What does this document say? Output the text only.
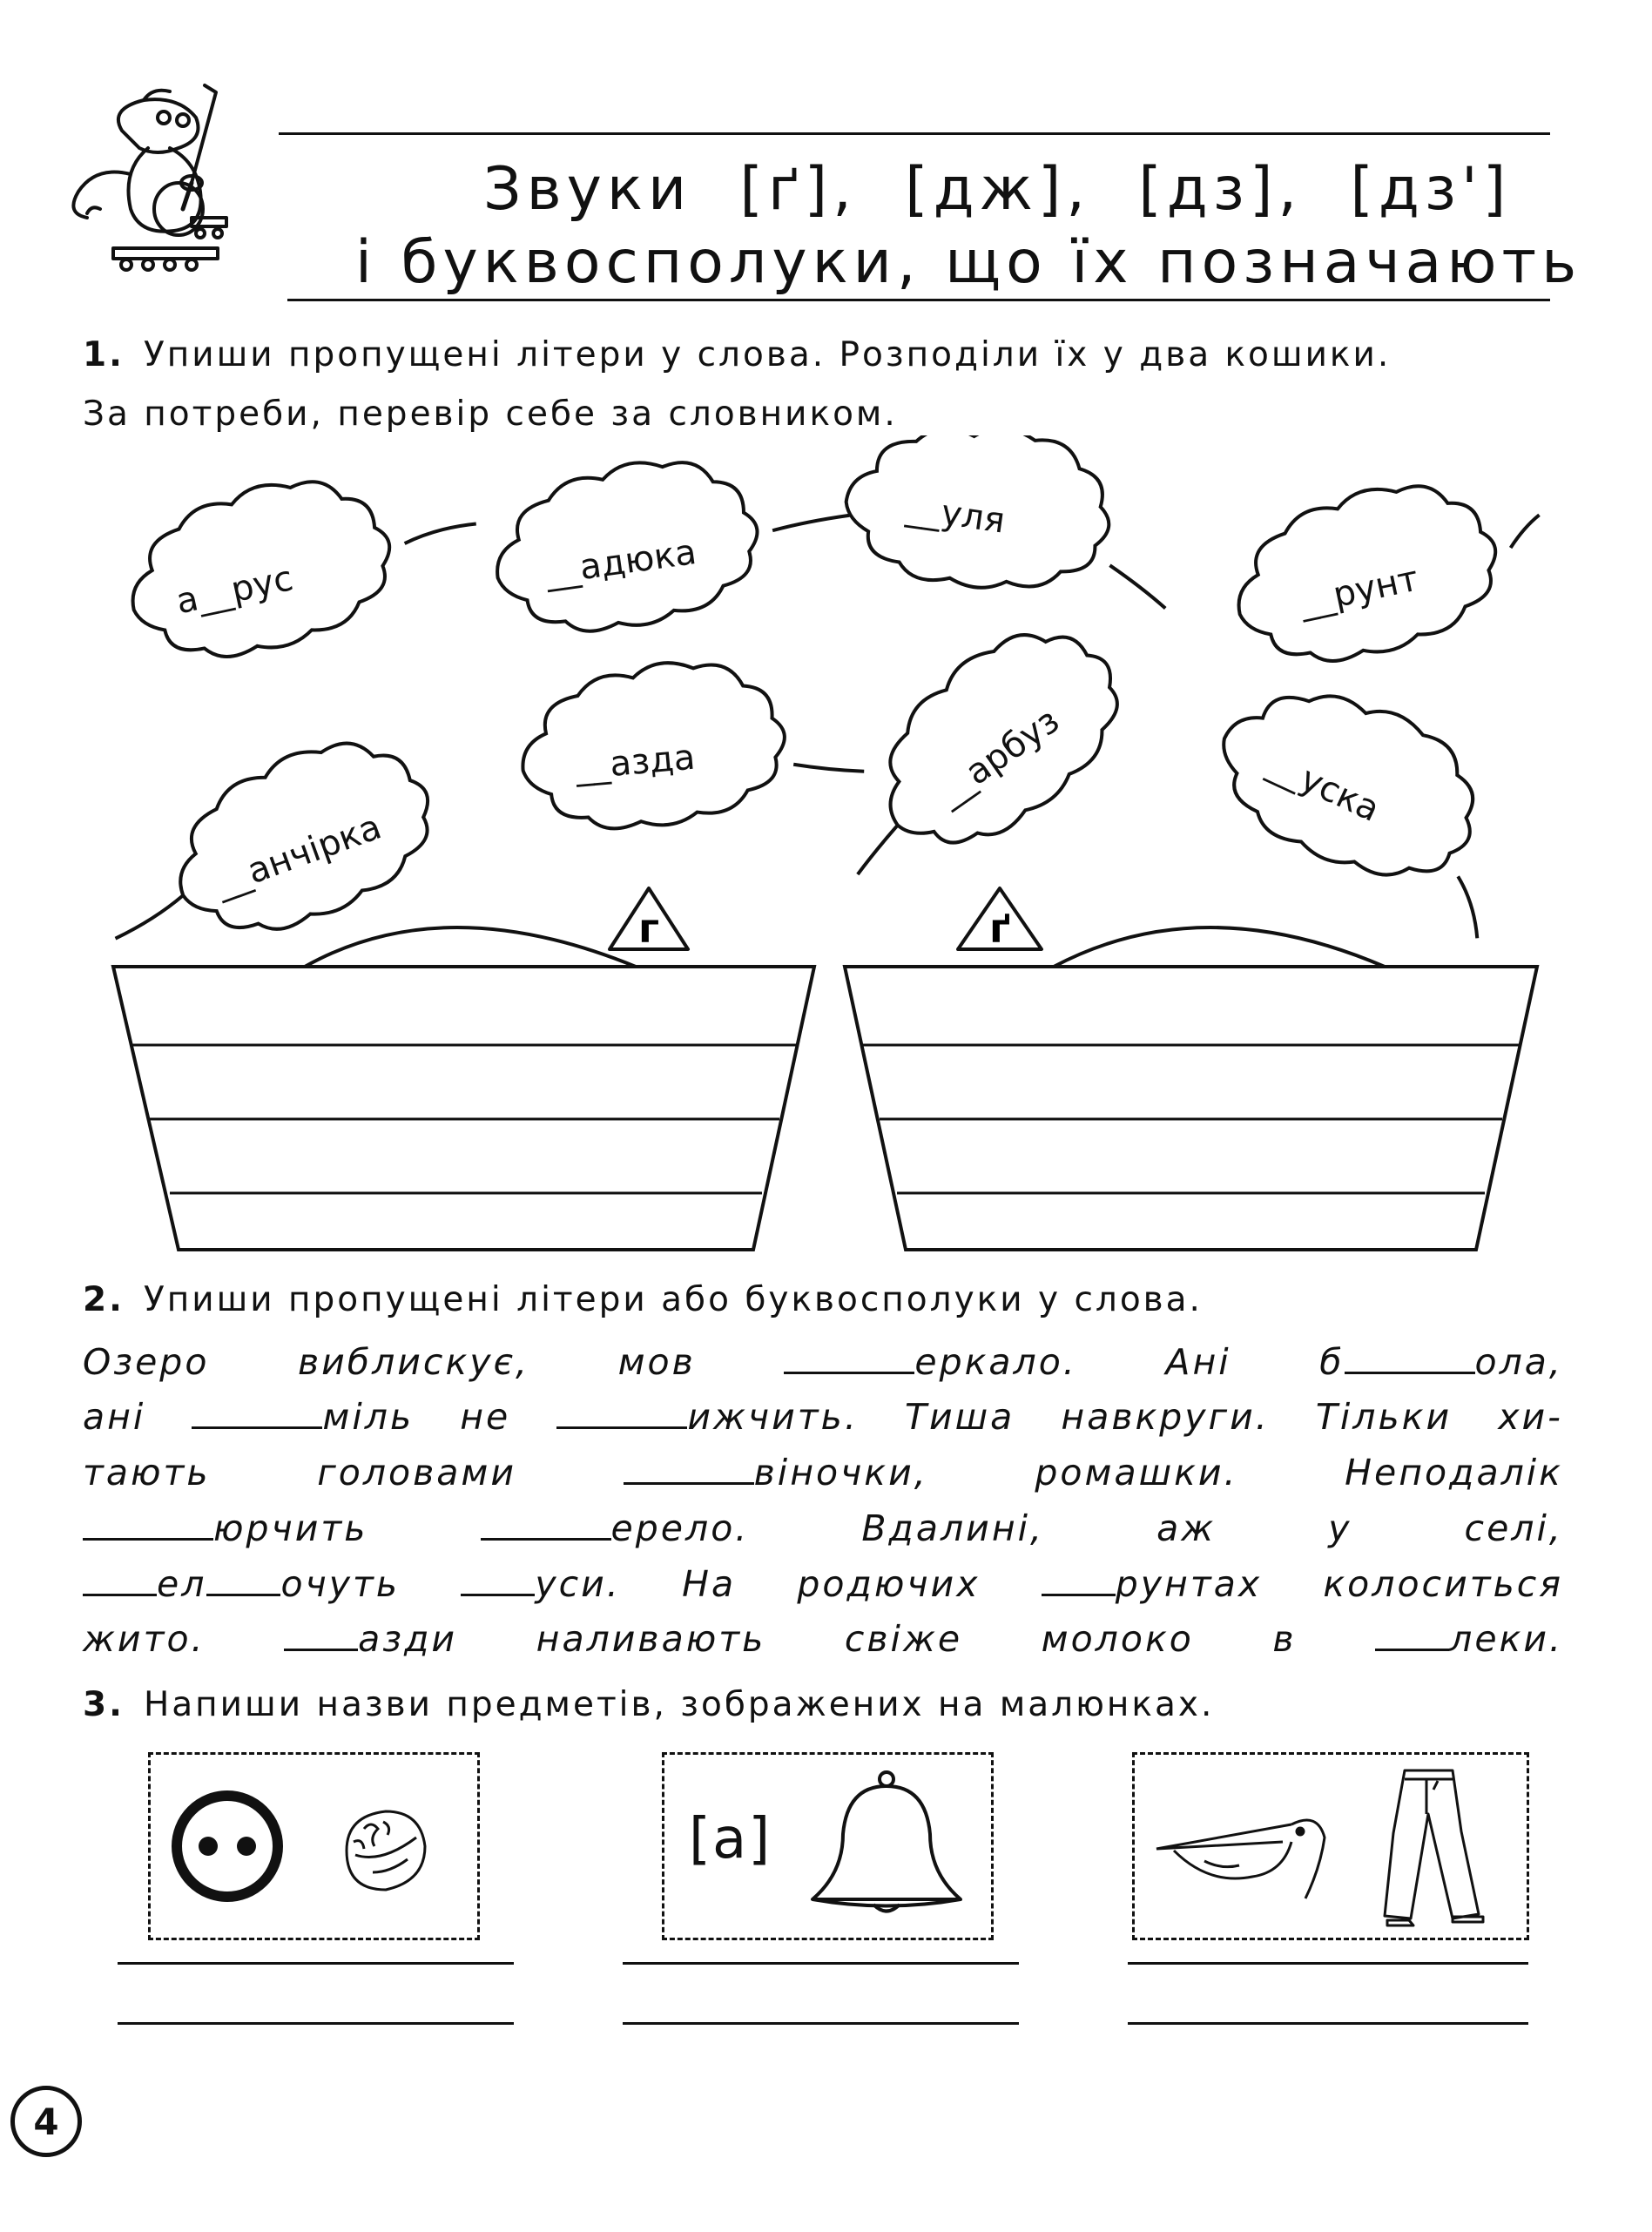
Звуки [ґ], [дж], [дз], [дз']
і буквосполуки, що їх позначають
1. Упиши пропущені літери у слова. Розподіли їх у два кошики.
За потреби, перевір себе за словником.
а__рус	__адюка
__уля
__рунт
__азда	__арбуз
__анчірка
__уска
г	ґ
2. Упиши пропущені літери або буквосполуки у слова.
Озеро виблискує, мов	еркало. Ані б	ола,
ані	міль не	ижчить. Тиша навкруги. Тільки хи-
тають	головами	віночки,	ромашки.	Неподалік
юрчить	ерело.	Вдалині,	аж	у	селі,
ел очуть	уси. На родючих	рунтах колоситься
жито.	азди наливають свіже молоко в	леки.
3. Напиши назви предметів, зображених на малюнках.
[а]
4
